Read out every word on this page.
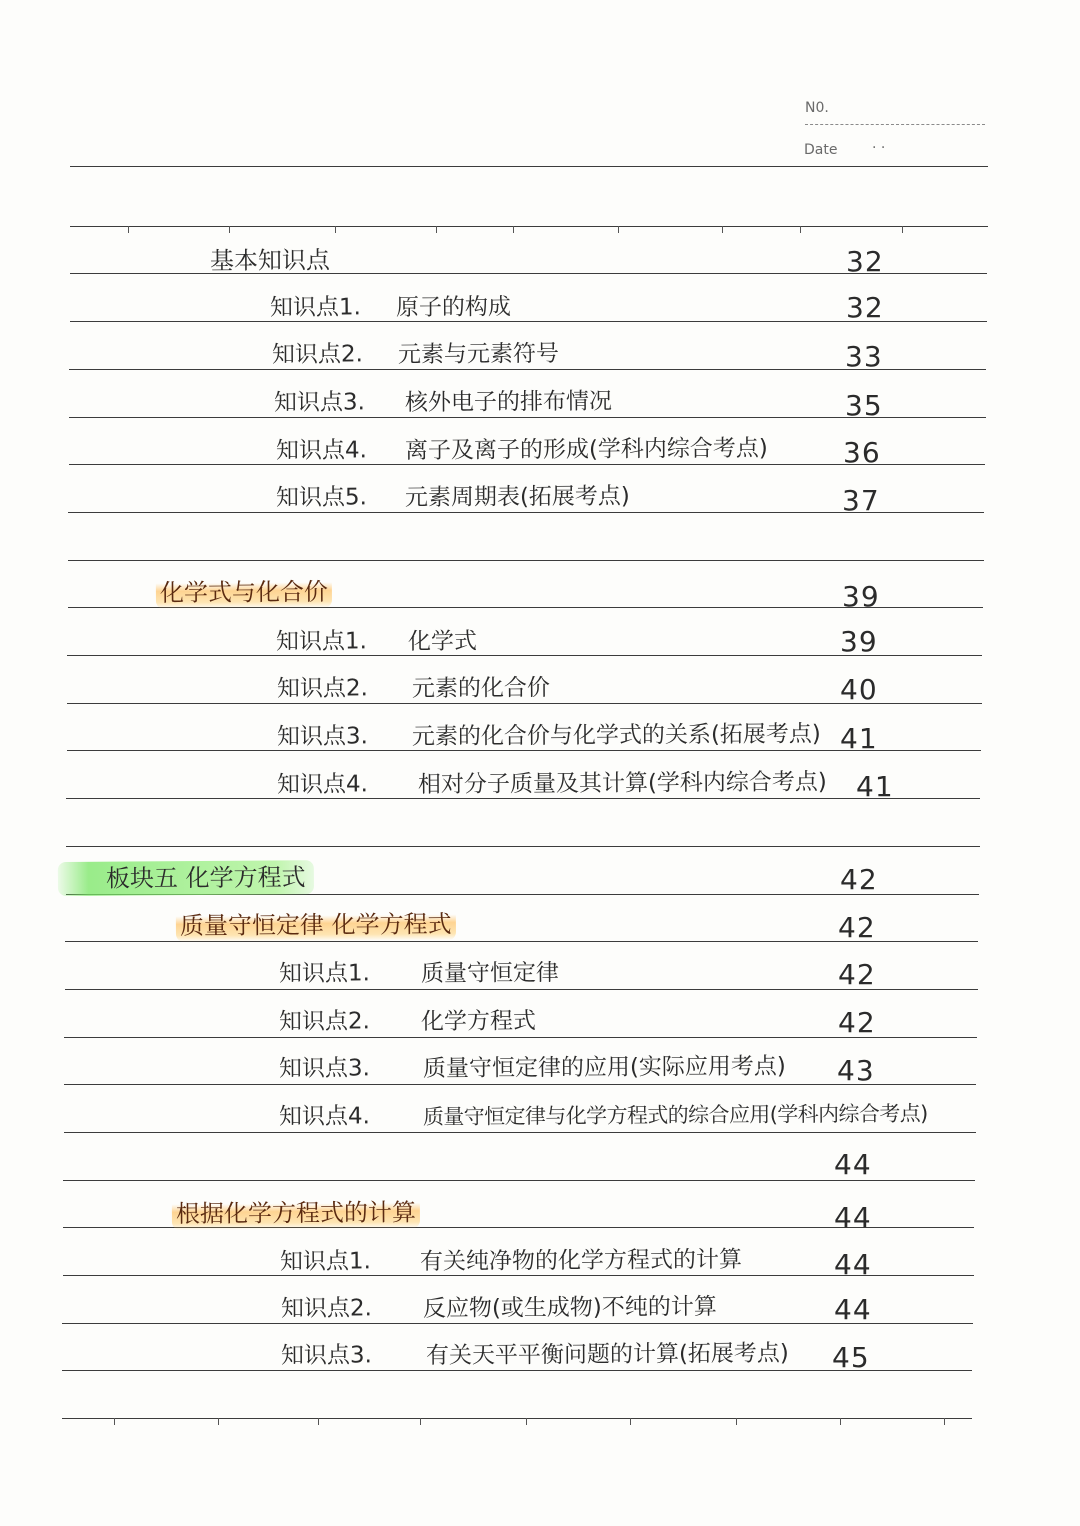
N0.
Date · ·
基本知识点	32
知识点1. 原子的构成	32
知识点2. 元素与元素符号	33
知识点3. 核外电子的排布情况	35
知识点4. 离子及离子的形成(学科内综合考点)	36
知识点5. 元素周期表(拓展考点)	37
化学式与化合价	39
知识点1. 化学式	39
知识点2. 元素的化合价	40
知识点3. 元素的化合价与化学式的关系(拓展考点) 41
知识点4. 相对分子质量及其计算(学科内综合考点) 41
板块五 化学方程式	42
质量守恒定律 化学方程式	42
知识点1. 质量守恒定律	42
知识点2. 化学方程式	42
知识点3. 质量守恒定律的应用(实际应用考点) 43
知识点4.	质量守恒定律与化学方程式的综合应用(学科内综合考点)
44
根据化学方程式的计算	44
知识点1. 有关纯净物的化学方程式的计算	44
知识点2. 反应物(或生成物)不纯的计算	44
知识点3. 有关天平平衡问题的计算(拓展考点) 45
